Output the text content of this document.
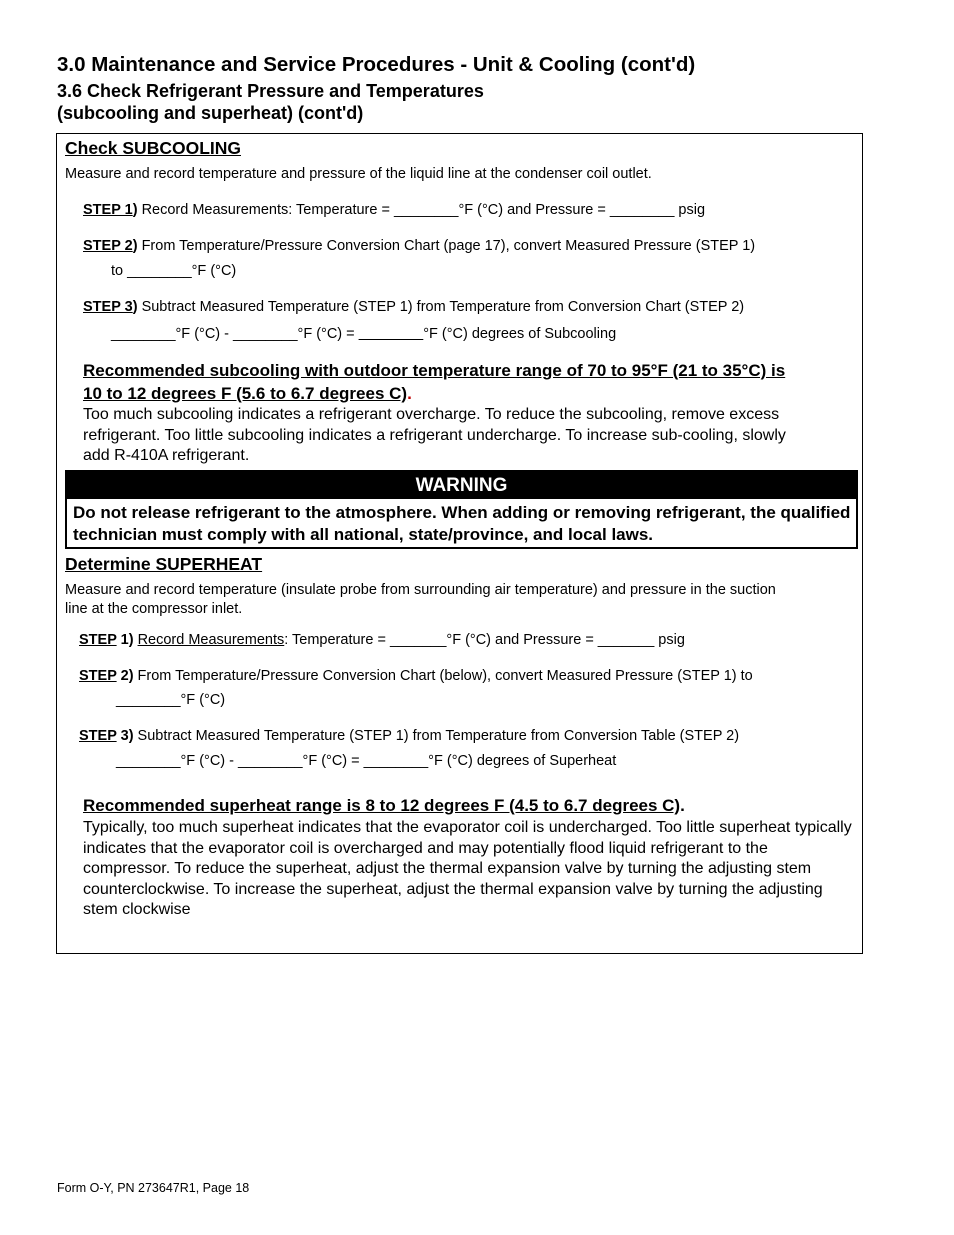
3.0 Maintenance and Service Procedures - Unit & Cooling (cont'd)
3.6 Check Refrigerant Pressure and Temperatures
(subcooling and superheat) (cont'd)
Check SUBCOOLING
Measure and record temperature and pressure of the liquid line at the condenser coil outlet.
STEP 1) Record Measurements: Temperature = ________°F (°C) and Pressure = ________ psig
STEP 2) From Temperature/Pressure Conversion Chart (page 17), convert Measured Pressure (STEP 1)
to ________°F (°C)
STEP 3) Subtract Measured Temperature (STEP 1) from Temperature from Conversion Chart (STEP 2)
________°F (°C) - ________°F (°C) = ________°F (°C) degrees of Subcooling
Recommended subcooling with outdoor temperature range of 70 to 95°F (21 to 35°C) is 10 to 12 degrees F (5.6 to 6.7 degrees C).
Too much subcooling indicates a refrigerant overcharge. To reduce the subcooling, remove excess refrigerant. Too little subcooling indicates a refrigerant undercharge. To increase sub-cooling, slowly add R-410A refrigerant.
WARNING
Do not release refrigerant to the atmosphere. When adding or removing refrigerant, the qualified technician must comply with all national, state/province, and local laws.
Determine SUPERHEAT
Measure and record temperature (insulate probe from surrounding air temperature) and pressure in the suction
line at the compressor inlet.
STEP 1) Record Measurements: Temperature = _______°F (°C) and Pressure = _______ psig
STEP 2) From Temperature/Pressure Conversion Chart (below), convert Measured Pressure (STEP 1) to
________°F (°C)
STEP 3) Subtract Measured Temperature (STEP 1) from Temperature from Conversion Table (STEP 2)
________°F (°C) - ________°F (°C) = ________°F (°C) degrees of Superheat
Recommended superheat range is 8 to 12 degrees F (4.5 to 6.7 degrees C).
Typically, too much superheat indicates that the evaporator coil is undercharged. Too little superheat typically indicates that the evaporator coil is overcharged and may potentially flood liquid refrigerant to the compressor. To reduce the superheat, adjust the thermal expansion valve by turning the adjusting stem counterclockwise. To increase the superheat, adjust the thermal expansion valve by turning the adjusting stem clockwise
Form O-Y, PN 273647R1, Page 18
